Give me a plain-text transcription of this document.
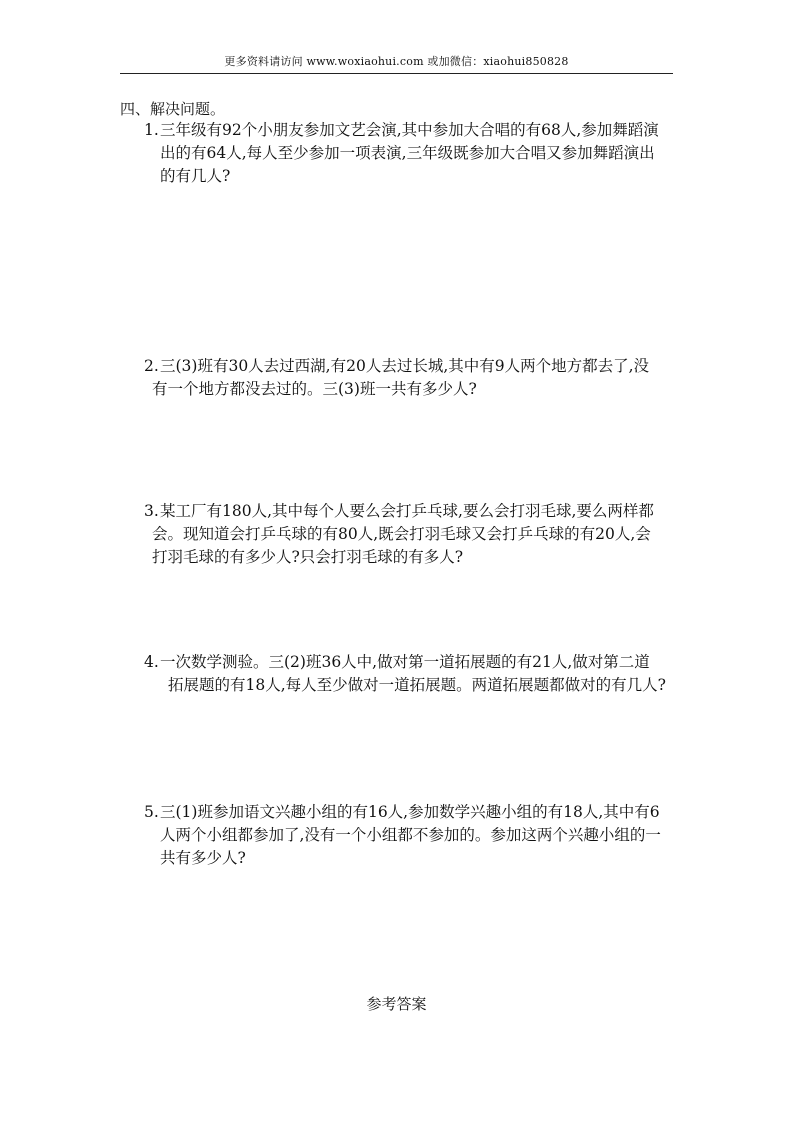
更多资料请访问 www.woxiaohui.com 或加微信：xiaohui850828
四、解决问题。
1. 三年级有92个小朋友参加文艺会演,其中参加大合唱的有68人,参加舞蹈演
出的有64人,每人至少参加一项表演,三年级既参加大合唱又参加舞蹈演出
的有几人?
2. 三(3)班有30人去过西湖,有20人去过长城,其中有9人两个地方都去了,没
有一个地方都没去过的。三(3)班一共有多少人?
3. 某工厂有180人,其中每个人要么会打乒乓球,要么会打羽毛球,要么两样都
会。现知道会打乒乓球的有80人,既会打羽毛球又会打乒乓球的有20人,会
打羽毛球的有多少人?只会打羽毛球的有多人?
4. 一次数学测验。三(2)班36人中,做对第一道拓展题的有21人,做对第二道
拓展题的有18人,每人至少做对一道拓展题。两道拓展题都做对的有几人?
5. 三(1)班参加语文兴趣小组的有16人,参加数学兴趣小组的有18人,其中有6
人两个小组都参加了,没有一个小组都不参加的。参加这两个兴趣小组的一
共有多少人?
参考答案
